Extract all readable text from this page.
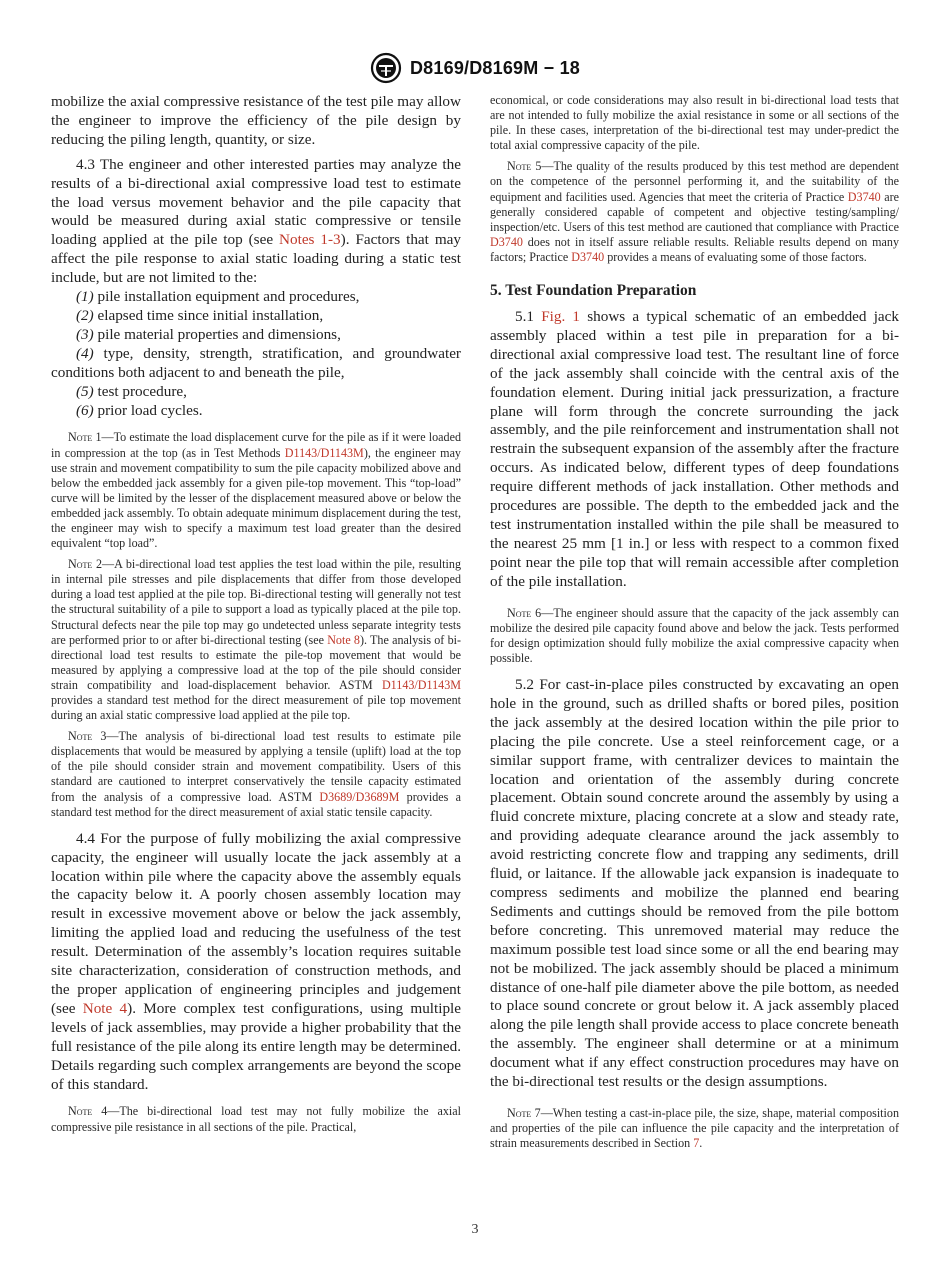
D8169/D8169M − 18

mobilize the axial compressive resistance of the test pile may allow the engineer to improve the efficiency of the pile design by reducing the piling length, quantity, or size.

4.3 The engineer and other interested parties may analyze the results of a bi-directional axial compressive load test to estimate the load versus movement behavior and the pile capacity that would be measured during axial static compressive or tensile loading applied at the pile top (see Notes 1-3). Factors that may affect the pile response to axial static loading during a static test include, but are not limited to the:

(1) pile installation equipment and procedures,

(2) elapsed time since initial installation,

(3) pile material properties and dimensions,

(4) type, density, strength, stratification, and groundwater conditions both adjacent to and beneath the pile,

(5) test procedure,

(6) prior load cycles.

Note 1—To estimate the load displacement curve for the pile as if it were loaded in compression at the top (as in Test Methods D1143/D1143M), the engineer may use strain and movement compatibility to sum the pile capacity mobilized above and below the embedded jack assembly for a given pile-top movement. This “top-load” curve will be limited by the lesser of the displacement measured above or below the embedded jack assembly. To obtain adequate minimum displacement during the test, the engineer may wish to specify a maximum test load greater than the desired equivalent “top load”.

Note 2—A bi-directional load test applies the test load within the pile, resulting in internal pile stresses and pile displacements that differ from those developed during a load test applied at the pile top. Bi-directional testing will generally not test the structural suitability of a pile to support a load as typically placed at the pile top. Structural defects near the pile top may go undetected unless separate integrity tests are performed prior to or after bi-directional testing (see Note 8). The analysis of bi-directional load test results to estimate the pile-top movement that would be measured by applying a compressive load at the top of the pile should consider strain compatibility and load-displacement behavior. ASTM D1143/D1143M provides a standard test method for the direct measurement of pile top movement during an axial static compressive load applied at the pile top.

Note 3—The analysis of bi-directional load test results to estimate pile displacements that would be measured by applying a tensile (uplift) load at the top of the pile should consider strain and movement compatibility. Users of this standard are cautioned to interpret conservatively the tensile capacity estimated from the analysis of a compressive load. ASTM D3689/D3689M provides a standard test method for the direct measurement of axial static tensile capacity.

4.4 For the purpose of fully mobilizing the axial compressive capacity, the engineer will usually locate the jack assembly at a location within pile where the capacity above the assembly equals the capacity below it. A poorly chosen assembly location may result in excessive movement above or below the jack assembly, limiting the applied load and reducing the usefulness of the test result. Determination of the assembly’s location requires suitable site characterization, consideration of construction methods, and the proper application of engineering principles and judgement (see Note 4). More complex test configurations, using multiple levels of jack assemblies, may provide a higher probability that the full resistance of the pile along its entire length may be determined. Details regarding such complex arrangements are beyond the scope of this standard.

Note 4—The bi-directional load test may not fully mobilize the axial compressive pile resistance in all sections of the pile. Practical,

economical, or code considerations may also result in bi-directional load tests that are not intended to fully mobilize the axial resistance in some or all sections of the pile. In these cases, interpretation of the bi-directional test may under-predict the total axial compressive capacity of the pile.

Note 5—The quality of the results produced by this test method are dependent on the competence of the personnel performing it, and the suitability of the equipment and facilities used. Agencies that meet the criteria of Practice D3740 are generally considered capable of competent and objective testing/sampling/ inspection/etc. Users of this test method are cautioned that compliance with Practice D3740 does not in itself assure reliable results. Reliable results depend on many factors; Practice D3740 provides a means of evaluating some of those factors.

5. Test Foundation Preparation

5.1 Fig. 1 shows a typical schematic of an embedded jack assembly placed within a test pile in preparation for a bi-directional axial compressive load test. The resultant line of force of the jack assembly shall coincide with the central axis of the foundation element. During initial jack pressurization, a fracture plane will form through the concrete surrounding the jack assembly, and the pile reinforcement and instrumentation shall not restrain the subsequent expansion of the assembly after the fracture occurs. As indicated below, different types of deep foundations require different methods of jack installation. Other methods and procedures are possible. The depth to the embedded jack and the test instrumentation installed within the pile shall be measured to the nearest 25 mm [1 in.] or less with respect to a common fixed point near the pile top that will remain accessible after completion of the pile installation.

Note 6—The engineer should assure that the capacity of the jack assembly can mobilize the desired pile capacity found above and below the jack. Tests performed for design optimization should fully mobilize the axial compressive capacity when possible.

5.2 For cast-in-place piles constructed by excavating an open hole in the ground, such as drilled shafts or bored piles, position the jack assembly at the desired location within the pile prior to placing the pile concrete. Use a steel reinforcement cage, or a similar support frame, with centralizer devices to maintain the location and orientation of the assembly during concrete placement. Obtain sound concrete around the assembly by using a fluid concrete mixture, placing concrete at a slow and steady rate, and providing adequate clearance around the jack assembly to avoid restricting concrete flow and trapping any sediments, drill fluid, or laitance. If the allowable jack expansion is inadequate to compress sediments and mobilize the planned end bearing Sediments and cuttings should be removed from the pile bottom before concreting. This unremoved material may reduce the maximum possible test load since some or all the end bearing may not be mobilized. The jack assembly should be placed a minimum distance of one-half pile diameter above the pile bottom, as needed to place sound concrete or grout below it. A jack assembly placed along the pile length shall provide access to place concrete beneath the assembly. The engineer shall determine or at a minimum document what if any effect construction procedures may have on the bi-directional test results or the design assumptions.

Note 7—When testing a cast-in-place pile, the size, shape, material composition and properties of the pile can influence the pile capacity and the interpretation of strain measurements described in Section 7.

3
